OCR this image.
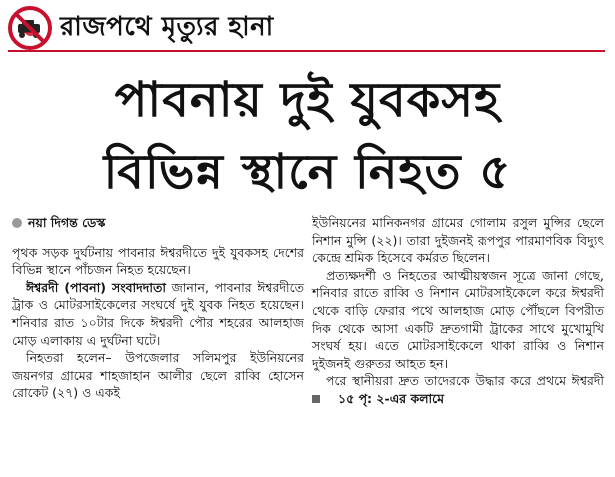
রাজপথে মৃত্যুর হানা
পাবনায় দুই যুবকসহ
বিভিন্ন স্থানে নিহত ৫
নয়া দিগন্ত ডেস্ক

পৃথক সড়ক দুর্ঘটনায় পাবনার ঈশ্বরদীতে দুই যুবকসহ দেশের বিভিন্ন স্থানে পাঁচজন নিহত হয়েছেন।

ঈশ্বরদী (পাবনা) সংবাদদাতা জানান, পাবনার ঈশ্বরদীতে ট্রাক ও মোটরসাইকেলের সংঘর্ষে দুই যুবক নিহত হয়েছেন। শনিবার রাত ১০টার দিকে ঈশ্বরদী পৌর শহরের আলহাজ মোড় এলাকায় এ দুর্ঘটনা ঘটে।

নিহতরা হলেন– উপজেলার সলিমপুর ইউনিয়নের জয়নগর গ্রামের শাহজাহান আলীর ছেলে রাব্বি হোসেন রোকেট (২৭) ও একই

ইউনিয়নের মানিকনগর গ্রামের গোলাম রসুল মুন্সির ছেলে নিশান মুন্সি (২২)। তারা দুইজনই রূপপুর পারমাণবিক বিদ্যুৎ কেন্দ্রে শ্রমিক হিসেবে কর্মরত ছিলেন।

প্রত্যক্ষদর্শী ও নিহতের আত্মীয়স্বজন সূত্রে জানা গেছে, শনিবার রাতে রাব্বি ও নিশান মোটরসাইকেলে করে ঈশ্বরদী থেকে বাড়ি ফেরার পথে আলহাজ মোড় পৌঁছলে বিপরীত দিক থেকে আসা একটি দ্রুতগামী ট্রাকের সাথে মুখোমুখি সংঘর্ষ হয়। এতে মোটরসাইকেলে থাকা রাব্বি ও নিশান দুইজনই গুরুতর আহত হন।

পরে স্থানীয়রা দ্রুত তাদেরকে উদ্ধার করে প্রথমে ঈশ্বরদী
১৫ পৃ: ২-এর কলামে
